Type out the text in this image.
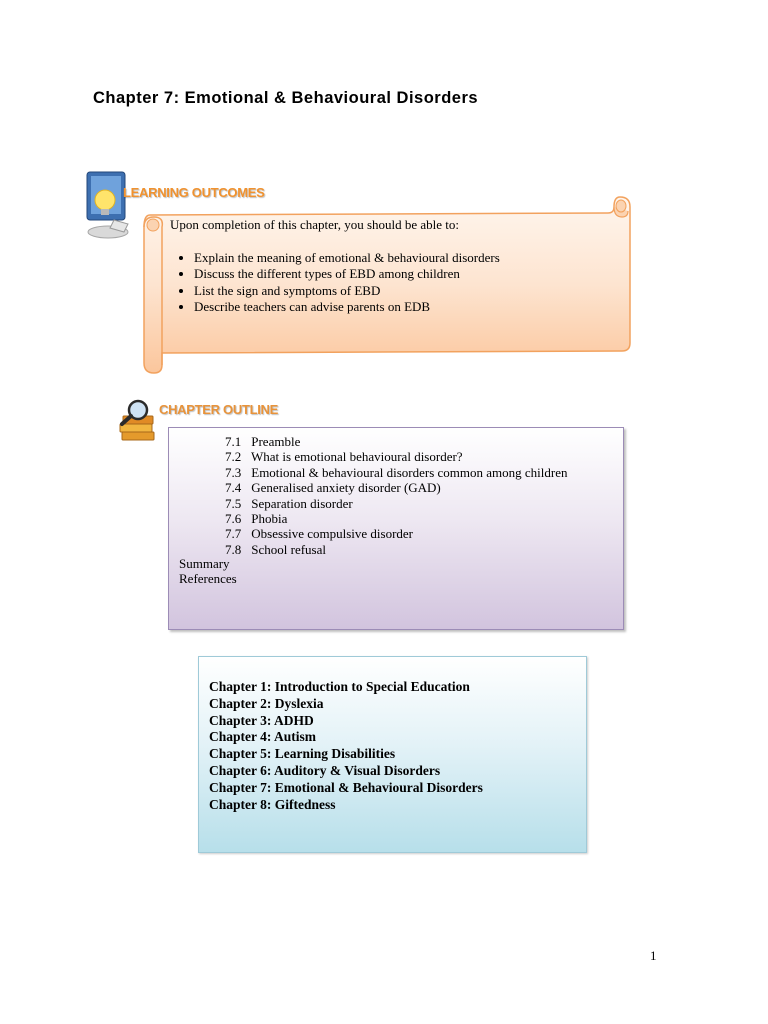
Chapter 7: Emotional & Behavioural Disorders
LEARNING OUTCOMES
Upon completion of this chapter, you should be able to:
• Explain the meaning of emotional & behavioural disorders
• Discuss the different types of EBD among children
• List the sign and symptoms of EBD
• Describe teachers can advise parents on EDB
CHAPTER OUTLINE
7.1 Preamble
7.2 What is emotional behavioural disorder?
7.3 Emotional & behavioural disorders common among children
7.4 Generalised anxiety disorder (GAD)
7.5 Separation disorder
7.6 Phobia
7.7 Obsessive compulsive disorder
7.8 School refusal
Summary
References
Chapter 1: Introduction to Special Education
Chapter 2: Dyslexia
Chapter 3: ADHD
Chapter 4: Autism
Chapter 5: Learning Disabilities
Chapter 6: Auditory & Visual Disorders
Chapter 7: Emotional & Behavioural Disorders
Chapter 8: Giftedness
1
